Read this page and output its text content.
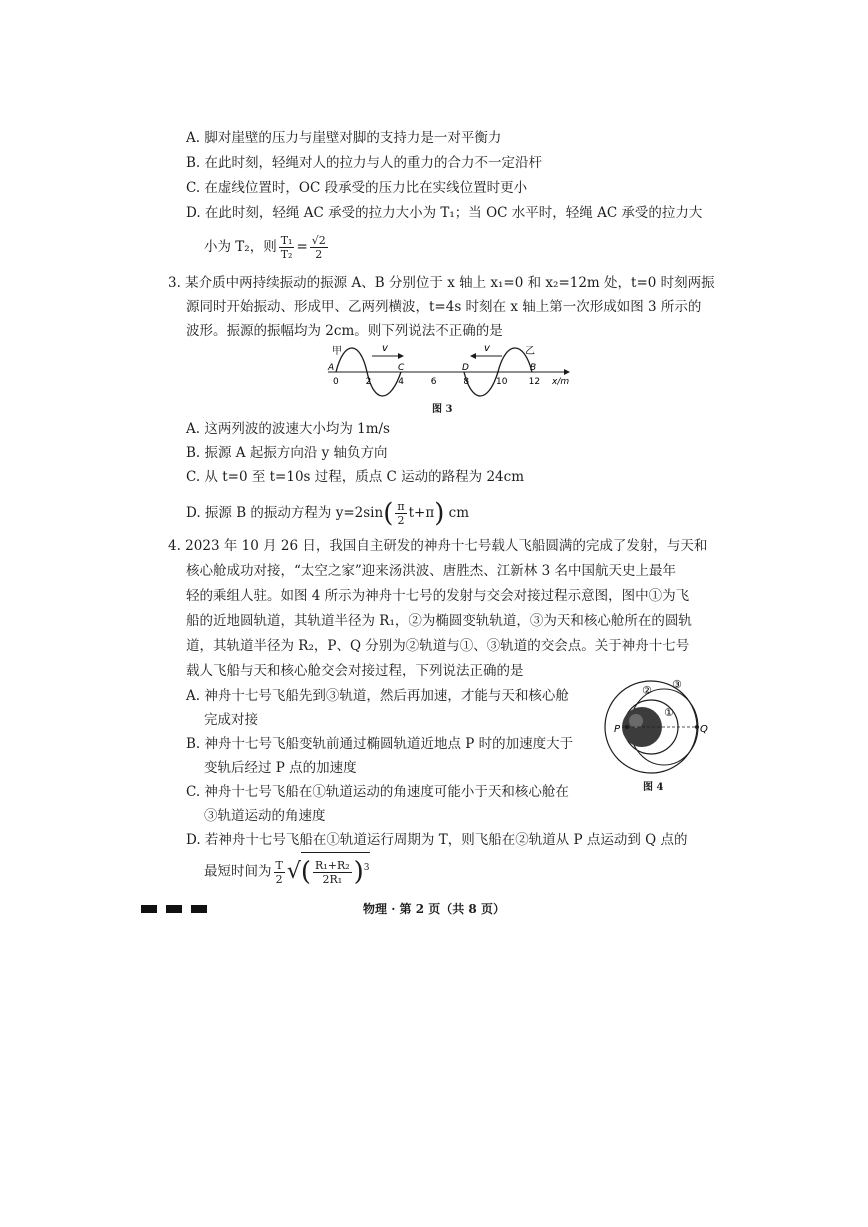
A. 脚对崖壁的压力与崖壁对脚的支持力是一对平衡力
B. 在此时刻，轻绳对人的拉力与人的重力的合力不一定沿杆
C. 在虚线位置时，OC 段承受的压力比在实线位置时更小
D. 在此时刻，轻绳 AC 承受的拉力大小为 T₁；当 OC 水平时，轻绳 AC 承受的拉力大
小为 T₂，则 $\frac{\text{T₁}}{\text{T₂}} = \frac{√2}{2}$
3. 某介质中两持续振动的振源 A、B 分别位于 x 轴上 x₁=0 和 x₂=12m 处，t=0 时刻两振
源同时开始振动、形成甲、乙两列横波，t=4s 时刻在 x 轴上第一次形成如图 3 所示的
波形。振源的振幅均为 2cm。则下列说法不正确的是
v	v
甲	乙
A	C	D	B
0	2	4	6	8	10 12 x/m
图 3
A. 这两列波的波速大小均为 1m/s
B. 振源 A 起振方向沿 y 轴负方向
C. 从 t=0 至 t=10s 过程，质点 C 运动的路程为 24cm
D. 振源 B 的振动方程为 $y=2\sin( \frac{\pi}{2} t+\pi)$ cm
4. 2023 年 10 月 26 日，我国自主研发的神舟十七号载人飞船圆满的完成了发射，与天和
核心舱成功对接，“太空之家”迎来汤洪波、唐胜杰、江新林 3 名中国航天史上最年
轻的乘组人驻。如图 4 所示为神舟十七号的发射与交会对接过程示意图，图中①为飞
船的近地圆轨道，其轨道半径为 R₁，②为椭圆变轨轨道，③为天和核心舱所在的圆轨
道，其轨道半径为 R₂，P、Q 分别为②轨道与①、③轨道的交会点。关于神舟十七号
载人飞船与天和核心舱交会对接过程，下列说法正确的是
A. 神舟十七号飞船先到③轨道，然后再加速，才能与天和核心舱
完成对接
B. 神舟十七号飞船变轨前通过椭圆轨道近地点 P 时的加速度大于
变轨后经过 P 点的加速度
C. 神舟十七号飞船在①轨道运动的角速度可能小于天和核心舱在
③轨道运动的角速度
D. 若神舟十七号飞船在①轨道运行周期为 T，则飞船在②轨道从 P 点运动到 Q 点的
最短时间为 $\frac{T}{2}$ √( $\frac{\text{R₁+R₂}}{\text{2R₁}} )^3$
② ③
①
P	Q
图 4
物理 · 第 2 页（共 8 页）
